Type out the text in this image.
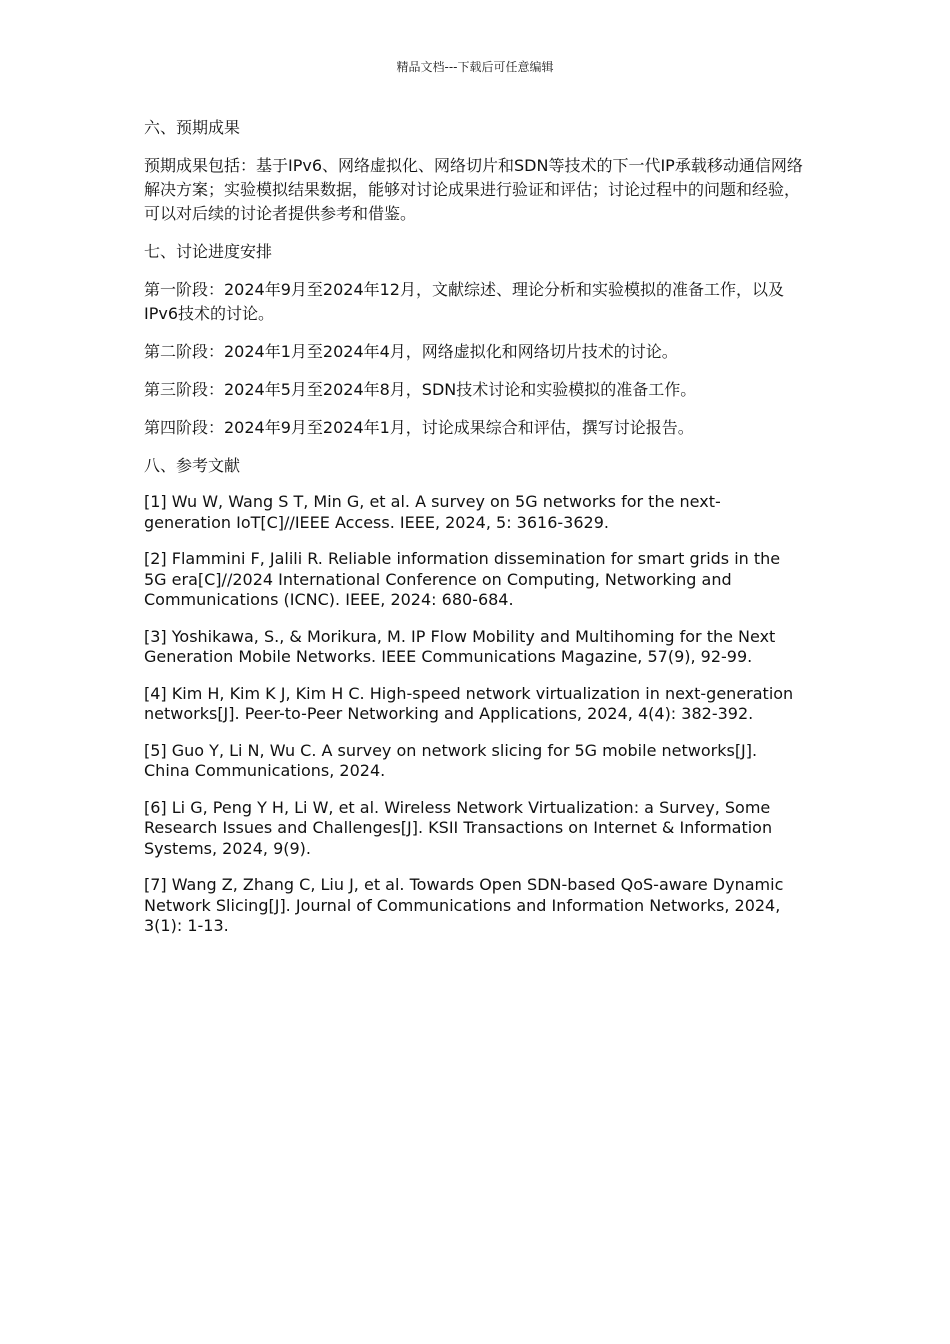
精品文档---下载后可任意编辑
六、预期成果
预期成果包括：基于IPv6、网络虚拟化、网络切片和SDN等技术的下一代IP承载移动通信网络解决方案；实验模拟结果数据，能够对讨论成果进行验证和评估；讨论过程中的问题和经验，可以对后续的讨论者提供参考和借鉴。
七、讨论进度安排
第一阶段：2024年9月至2024年12月，文献综述、理论分析和实验模拟的准备工作，以及IPv6技术的讨论。
第二阶段：2024年1月至2024年4月，网络虚拟化和网络切片技术的讨论。
第三阶段：2024年5月至2024年8月，SDN技术讨论和实验模拟的准备工作。
第四阶段：2024年9月至2024年1月，讨论成果综合和评估，撰写讨论报告。
八、参考文献
[1] Wu W, Wang S T, Min G, et al. A survey on 5G networks for the next-generation IoT[C]//IEEE Access. IEEE, 2024, 5: 3616-3629.
[2] Flammini F, Jalili R. Reliable information dissemination for smart grids in the 5G era[C]//2024 International Conference on Computing, Networking and Communications (ICNC). IEEE, 2024: 680-684.
[3] Yoshikawa, S., & Morikura, M. IP Flow Mobility and Multihoming for the Next Generation Mobile Networks. IEEE Communications Magazine, 57(9), 92-99.
[4] Kim H, Kim K J, Kim H C. High-speed network virtualization in next-generation networks[J]. Peer-to-Peer Networking and Applications, 2024, 4(4): 382-392.
[5] Guo Y, Li N, Wu C. A survey on network slicing for 5G mobile networks[J]. China Communications, 2024.
[6] Li G, Peng Y H, Li W, et al. Wireless Network Virtualization: a Survey, Some Research Issues and Challenges[J]. KSII Transactions on Internet & Information Systems, 2024, 9(9).
[7] Wang Z, Zhang C, Liu J, et al. Towards Open SDN-based QoS-aware Dynamic Network Slicing[J]. Journal of Communications and Information Networks, 2024, 3(1): 1-13.
